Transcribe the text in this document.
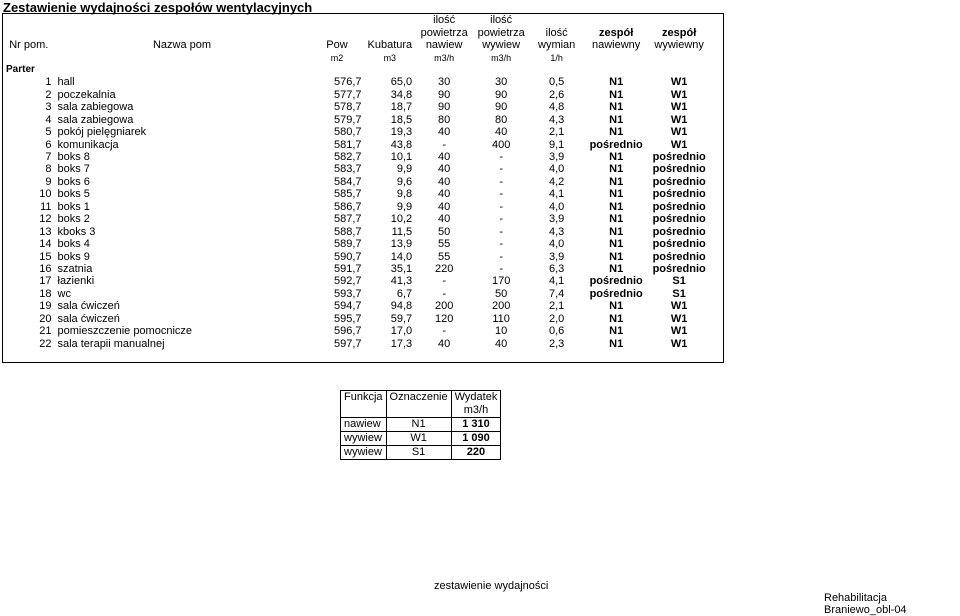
Zestawienie wydajności zespołów wentylacyjnych
				ilość	ilość				
				powietrza	powietrza	ilość	zespół	zespół	
Nr pom.	Nazwa pom	Pow	Kubatura	nawiew	wywiew	wymian	nawiewny	wywiewny	
		m2	m3	m3/h	m3/h	1/h			
Parter									
1	hall	576,7	65,0	30	30	0,5	N1	W1	
2	poczekalnia	577,7	34,8	90	90	2,6	N1	W1	
3	sala zabiegowa	578,7	18,7	90	90	4,8	N1	W1	
4	sala zabiegowa	579,7	18,5	80	80	4,3	N1	W1	
5	pokój pielęgniarek	580,7	19,3	40	40	2,1	N1	W1	
6	komunikacja	581,7	43,8	-	400	9,1	pośrednio	W1	
7	boks 8	582,7	10,1	40	-	3,9	N1	pośrednio	
8	boks 7	583,7	9,9	40	-	4,0	N1	pośrednio	
9	boks 6	584,7	9,6	40	-	4,2	N1	pośrednio	
10	boks 5	585,7	9,8	40	-	4,1	N1	pośrednio	
11	boks 1	586,7	9,9	40	-	4,0	N1	pośrednio	
12	boks 2	587,7	10,2	40	-	3,9	N1	pośrednio	
13	kboks 3	588,7	11,5	50	-	4,3	N1	pośrednio	
14	boks 4	589,7	13,9	55	-	4,0	N1	pośrednio	
15	boks 9	590,7	14,0	55	-	3,9	N1	pośrednio	
16	szatnia	591,7	35,1	220	-	6,3	N1	pośrednio	
17	łazienki	592,7	41,3	-	170	4,1	pośrednio	S1	
18	wc	593,7	6,7	-	50	7,4	pośrednio	S1	
19	sala ćwiczeń	594,7	94,8	200	200	2,1	N1	W1	
20	sala ćwiczeń	595,7	59,7	120	110	2,0	N1	W1	
21	pomieszczenie pomocnicze	596,7	17,0	-	10	0,6	N1	W1	
22	sala terapii manualnej	597,7	17,3	40	40	2,3	N1	W1	

Funkcja	Oznaczenie	Wydatek
		m3/h
nawiew	N1	1 310
wywiew	W1	1 090
wywiew	S1	220
zestawienie wydajności
Rehabilitacja Braniewo_obl-04
